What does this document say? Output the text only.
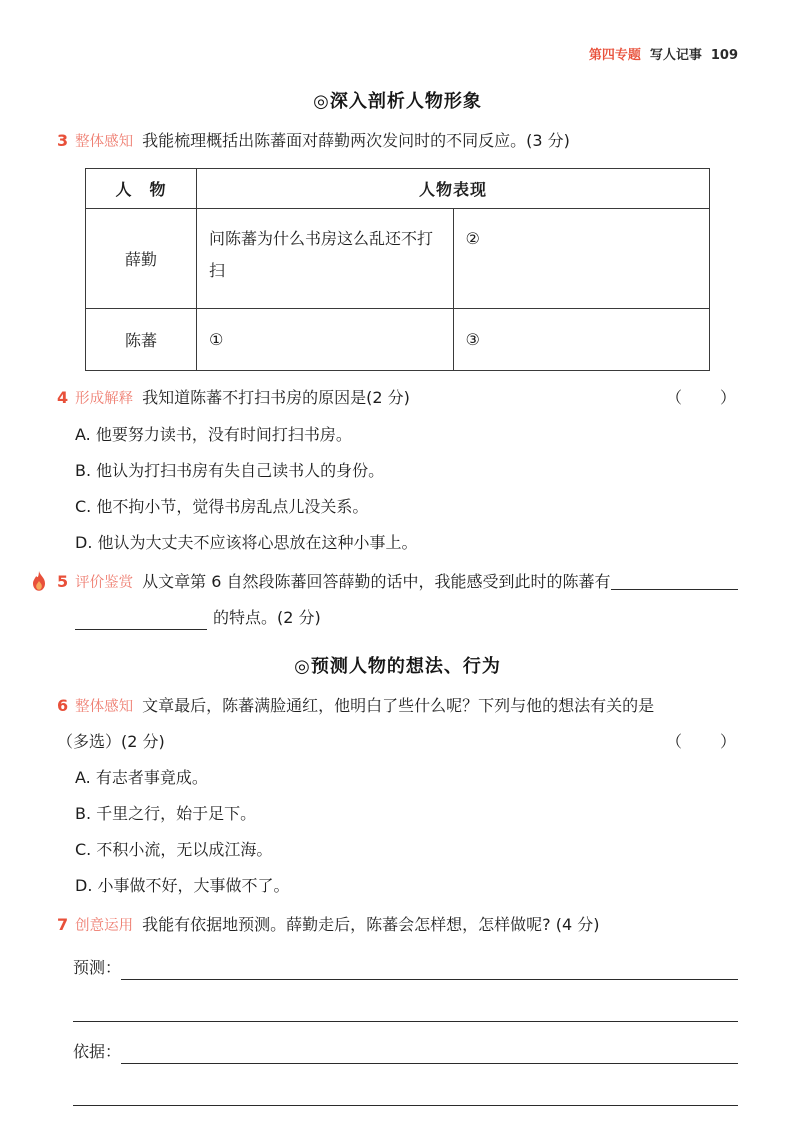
第四专题 写人记事 109
◎深入剖析人物形象
3 整体感知 我能梳理概括出陈蕃面对薛勤两次发问时的不同反应。(3 分)
人　物	人物表现	
薛勤	问陈蕃为什么书房这么乱还不打扫	②
陈蕃	①	③
4 形成解释 我知道陈蕃不打扫书房的原因是(2 分)	（　　）
A. 他要努力读书，没有时间打扫书房。
B. 他认为打扫书房有失自己读书人的身份。
C. 他不拘小节，觉得书房乱点儿没关系。
D. 他认为大丈夫不应该将心思放在这种小事上。
5 评价鉴赏 从文章第 6 自然段陈蕃回答薛勤的话中，我能感受到此时的陈蕃有
的特点。(2 分)
◎预测人物的想法、行为
6 整体感知 文章最后，陈蕃满脸通红，他明白了些什么呢？下列与他的想法有关的是
（多选）(2 分)	（　　）
A. 有志者事竟成。
B. 千里之行，始于足下。
C. 不积小流，无以成江海。
D. 小事做不好，大事做不了。
7 创意运用 我能有依据地预测。薛勤走后，陈蕃会怎样想，怎样做呢? (4 分)
预测：
依据：
